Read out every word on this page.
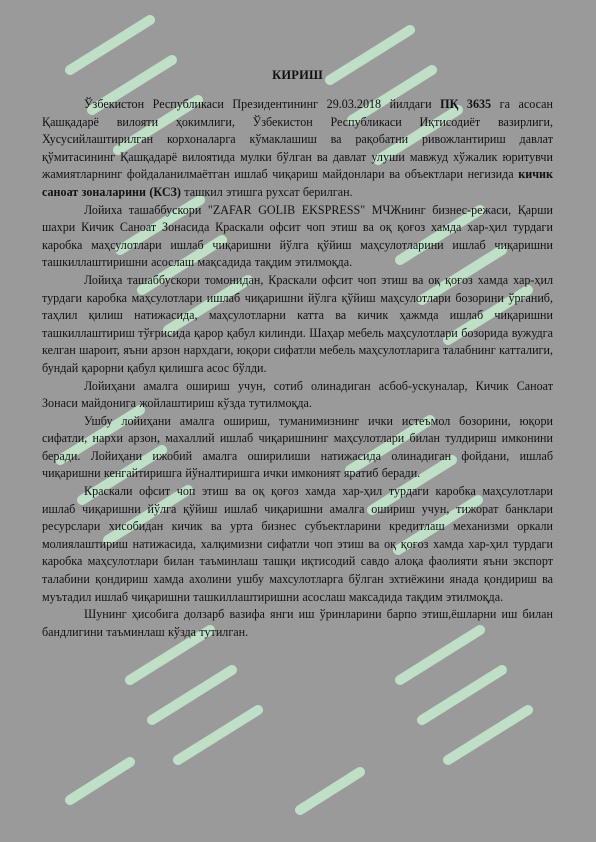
КИРИШ

Ўзбекистон Республикаси Президентининг 29.03.2018 йилдаги ПҚ 3635 га асосан Қашқадарё вилояти ҳокимлиги, Ўзбекистон Республикаси Иқтисодиёт вазирлиги, Хусусийлаштирилган корхоналарга кўмаклашиш ва рақобатни ривожлантириш давлат қўмитасининг Қашқадарё вилоятида мулки бўлган ва давлат улуши мавжуд хўжалик юритувчи жамиятларнинг фойдаланилмаётган ишлаб чиқариш майдонлари ва объектлари негизида кичик саноат зоналарини (КСЗ) ташкил этишга рухсат берилган.

Лойиха ташаббускори "ZAFAR GOLIB EKSPRESS" МЧЖнинг бизнес-режаси, Қарши шахри Кичик Саноат Зонасида Краскали офсит чоп этиш ва оқ қоғоз хамда хар-ҳил турдаги каробка маҳсулотлари ишлаб чиқаришни йўлга қўйиш маҳсулотларини ишлаб чиқаришни ташкиллаштиришни асослаш мақсадида тақдим этилмоқда.

Лойиҳа ташаббускори томонидан, Краскали офсит чоп этиш ва оқ қоғоз хамда хар-ҳил турдаги каробка маҳсулотлари ишлаб чиқаришни йўлга қўйиш маҳсулотлари бозорини ўрганиб, таҳлил қилиш натижасида, маҳсулотларни катта ва кичик ҳажмда ишлаб чиқаришни ташкиллаштириш тўғрисида қарор қабул килинди. Шаҳар мебель маҳсулотлари бозорида вужудга келган шароит, яъни арзон нархдаги, юқори сифатли мебель маҳсулотларига талабнинг катталиги, бундай қарорни қабул қилишга асос бўлди.

Лойиҳани амалга ошириш учун, сотиб олинадиган асбоб-ускуналар, Кичик Саноат Зонаси майдонига жойлаштириш кўзда тутилмоқда.

Ушбу лойиҳани амалга ошириш, туманимизнинг ички истеъмол бозорини, юқори сифатли, нархи арзон, махаллий ишлаб чиқаришнинг маҳсулотлари билан тулдириш имконини беради. Лойиҳани ижобий амалга оширилиши натижасида олинадиган фойдани, ишлаб чиқаришни кенгайтиришга йўналтиришга ички имконият яратиб беради.

Краскали офсит чоп этиш ва оқ қоғоз хамда хар-ҳил турдаги каробка маҳсулотлари ишлаб чиқаришни йўлга қўйиш ишлаб чиқаришни амалга ошириш учун, тижорат банклари ресурслари хисобидан кичик ва урта бизнес субъектларини кредитлаш механизми оркали молиялаштириш натижасида, халқимизни сифатли чоп этиш ва оқ қоғоз хамда хар-ҳил турдаги каробка маҳсулотлари билан таъминлаш ташқи иқтисодий савдо алоқа фаолияти яъни экспорт талабини қондириш хамда ахолини ушбу махсулотларга бўлган эхтиёжини янада қондириш ва муътадил ишлаб чиқаришни ташкиллаштиришни асослаш максадида тақдим этилмоқда.

Шунинг ҳисобига долзарб вазифа янги иш ўринларини барпо этиш,ёшларни иш билан бандлигини таъминлаш кўзда тутилган.
